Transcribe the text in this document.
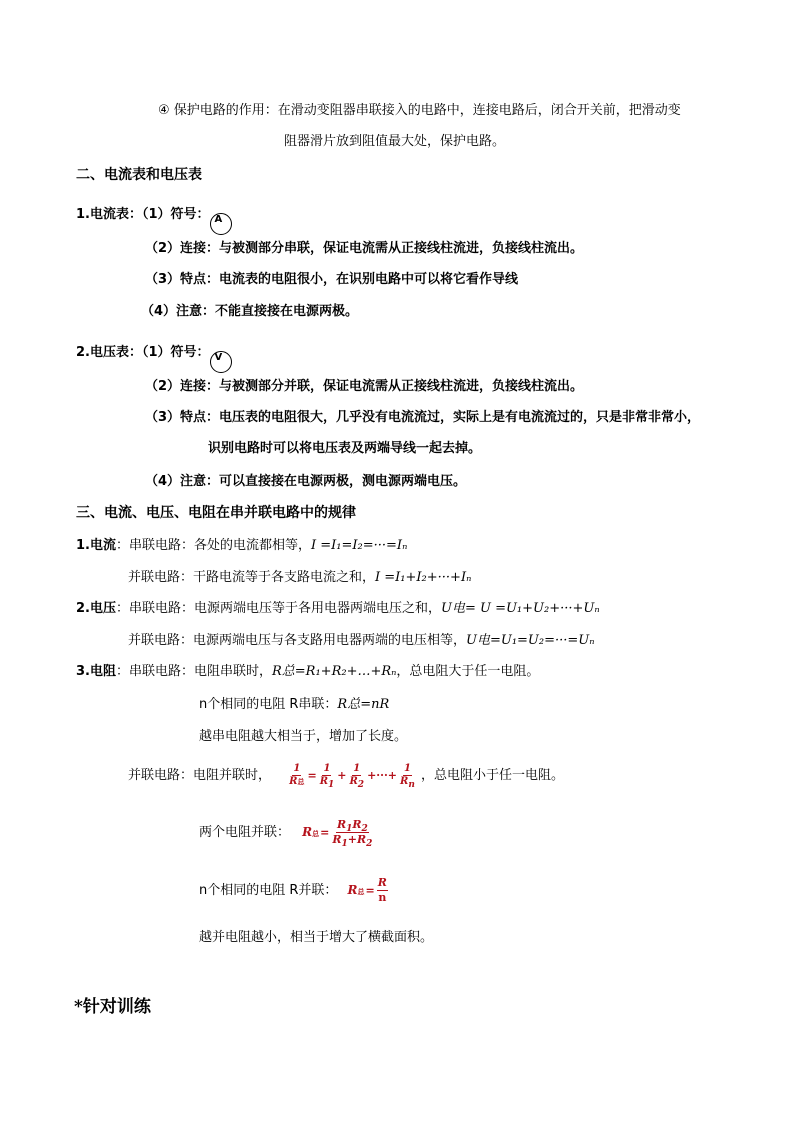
④ 保护电路的作用：在滑动变阻器串联接入的电路中，连接电路后，闭合开关前，把滑动变
阻器滑片放到阻值最大处，保护电路。
二、电流表和电压表
1.电流表：（1）符号： A
（2）连接：与被测部分串联，保证电流需从正接线柱流进，负接线柱流出。
（3）特点：电流表的电阻很小，在识别电路中可以将它看作导线
（4）注意：不能直接接在电源两极。
2.电压表：（1）符号： V
（2）连接：与被测部分并联，保证电流需从正接线柱流进，负接线柱流出。
（3）特点：电压表的电阻很大，几乎没有电流流过，实际上是有电流流过的，只是非常非常小，
识别电路时可以将电压表及两端导线一起去掉。
（4）注意：可以直接接在电源两极，测电源两端电压。
三、电流、电压、电阻在串并联电路中的规律
1.电流：串联电路：各处的电流都相等，I =I₁=I₂=···=Iₙ
并联电路：干路电流等于各支路电流之和，I =I₁+I₂+···+Iₙ
2.电压：串联电路：电源两端电压等于各用电器两端电压之和，U电= U =U₁+U₂+···+Uₙ
并联电路：电源两端电压与各支路用电器两端的电压相等，U电=U₁=U₂=···=Uₙ
3.电阻：串联电路：电阻串联时，R总=R₁+R₂+…+Rₙ，总电阻大于任一电阻。
n个相同的电阻 R串联：R总=nR
越串电阻越大相当于，增加了长度。
并联电路：电阻并联时， $\frac{1}{\text{R总}} = \frac{1}{R_1} + \frac{1}{R_2}$ +···+ $\frac{1}{R_n}$ ，总电阻小于任一电阻。
两个电阻并联： R总= $\frac{R_1R_2}{R_1+R_2}$
n个相同的电阻 R并联： R总= $\frac{R}{n}$
越并电阻越小，相当于增大了横截面积。
*针对训练
